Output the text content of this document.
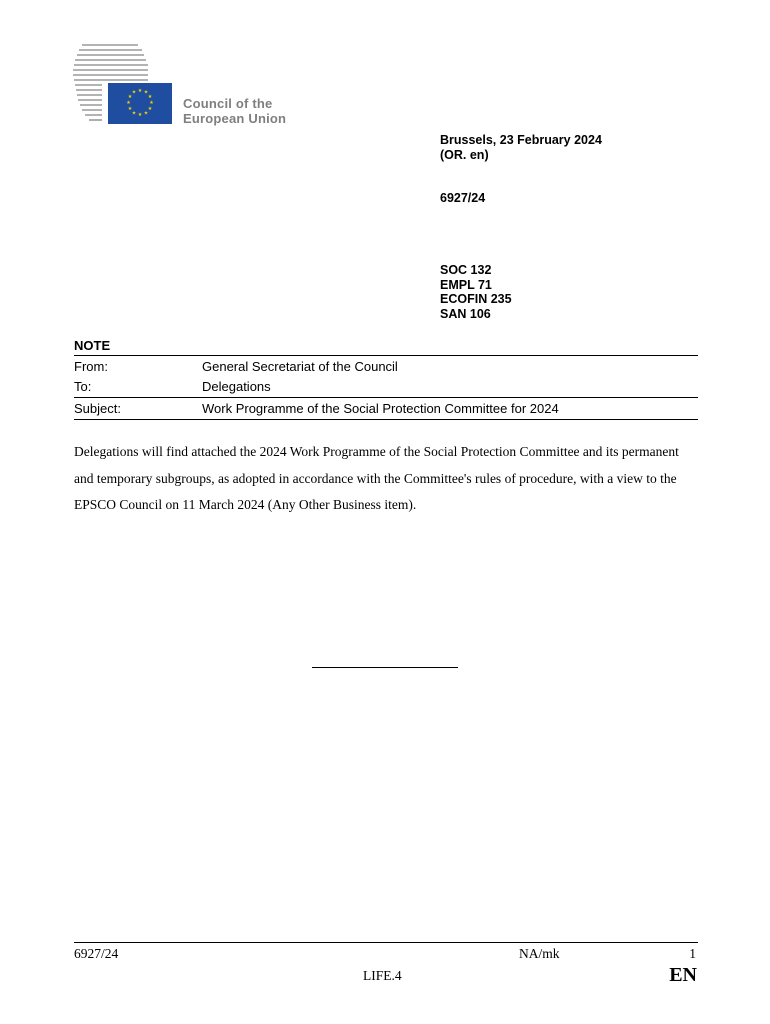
★ ★
★
★
★
★
★
★
★
★
★
★
Council of the
European Union
Brussels, 23 February 2024
(OR. en)
6927/24
SOC 132
EMPL 71
ECOFIN 235
SAN 106
NOTE
From:	General Secretariat of the Council
To:	Delegations
Subject:	Work Programme of the Social Protection Committee for 2024
Delegations will find attached the 2024 Work Programme of the Social Protection Committee and its permanent and temporary subgroups, as adopted in accordance with the Committee's rules of procedure, with a view to the EPSCO Council on 11 March 2024 (Any Other Business item).
6927/24	NA/mk	1
LIFE.4	EN
